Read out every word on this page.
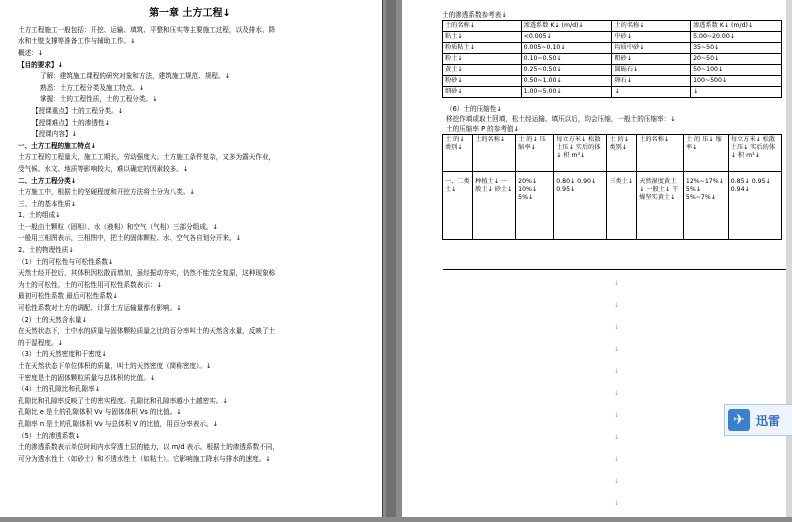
第一章 土方工程↓
土方工程施工一般包括：开挖、运输、填筑、平整和压实等主要施工过程，以及排水、降
水和土壁支撑等准备工作与辅助工作。↓
概述：↓
【目的要求】↓
了解：建筑施工课程的研究对象和方法，建筑施工规范、规程。↓
熟悉：土方工程分类及施工特点。↓
掌握：土的工程性质，土的工程分类。↓
【授课重点】土的工程分类。↓
【授课难点】土的渗透性↓
【授课内容】↓
一、土方工程的施工特点↓
土方工程的工程量大，施工工期长，劳动强度大。土方施工条件复杂，又多为露天作业，
受气候、水文、地质等影响较大，难以确定的因素较多。↓
二、土方工程分类↓
土方施工中，根据土的坚硬程度和开挖方法将土分为八类。↓
三、土的基本性质↓
1、土的组成↓
土一般由土颗粒（固相）、水（液相）和空气（气相）三部分组成。↓
一般用三相图表示，三相图中，把土的固体颗粒、水、空气各自划分开来。↓
2、土的物理性质↓
（1）土的可松性与可松性系数↓
天然土经开挖后，其体积因松散而增加，虽经振动夯实，仍然不能完全复原，这种现象称
为土的可松性。土的可松性用可松性系数表示：↓
最初可松性系数 最后可松性系数↓
可松性系数对土方的调配、计算土方运输量都有影响。↓
（2）土的天然含水量↓
在天然状态下，土中水的质量与固体颗粒质量之比的百分率叫土的天然含水量，反映了土
的干湿程度。↓
（3）土的天然密度和干密度↓
土在天然状态下单位体积的质量，叫土的天然密度（简称密度）。↓
干密度是土的固体颗粒质量与总体积的比值。↓
（4）土的孔隙比和孔隙率↓
孔隙比和孔隙率反映了土的密实程度。孔隙比和孔隙率越小土越密实。↓
孔隙比 e 是土的孔隙体积 Vv 与固体体积 Vs 的比值。↓
孔隙率 n 是土的孔隙体积 Vv 与总体积 V 的比值，用百分率表示。↓
（5）土的渗透系数↓
土的渗透系数表示单位时间内水穿透土层的能力，以 m/d 表示。根据土的渗透系数不同，
可分为透水性土（如砂土）和不透水性土（如粘土）。它影响施工降水与排水的速度。↓
土的渗透系数参考表↓
土的名称↓	渗透系数 K↓ (m/d)↓	土的名称↓	渗透系数 K↓ (m/d)↓
粘土↓	<0.005↓	中砂↓	5.00~20.00↓
粉质粘土↓	0.005~0.10↓	均质中砂↓	35~50↓
粉土↓	0.10~0.50↓	粗砂↓	20~50↓
黄土↓	0.25~0.50↓	圆砾石↓	50~100↓
粉砂↓	0.50~1.00↓	卵石↓	100~500↓
细砂↓	1.00~5.00↓	↓	↓
（6）土的压缩性↓
移挖作填或取土回填，松土经运输、填压以后，均会压缩，一般土的压缩率：↓
土的压缩率 P 的参考值↓
土 的↓ 类别↓	土的名称↓	土 的↓ 压缩率↓	每立方米↓ 松散土压↓ 实后的体↓ 积 m³↓	土 的↓ 类别↓	土的名称↓	土 的 压↓ 缩率↓	每立方米↓ 松散土压↓ 实后的体↓ 积 m³↓
一、二类土↓	种植土↓ 一般土↓ 砂土↓	20%↓ 10%↓ 5%↓	0.80↓ 0.90↓ 0.95↓	三类土↓	天然湿度黄土↓ 一般土↓ 干燥坚实黄土↓	12%~17%↓ 5%↓ 5%~7%↓	0.85↓ 0.95↓ 0.94↓
↓
↓
↓
↓
↓
↓
↓
↓
↓
↓
↓
✈ 迅雷
